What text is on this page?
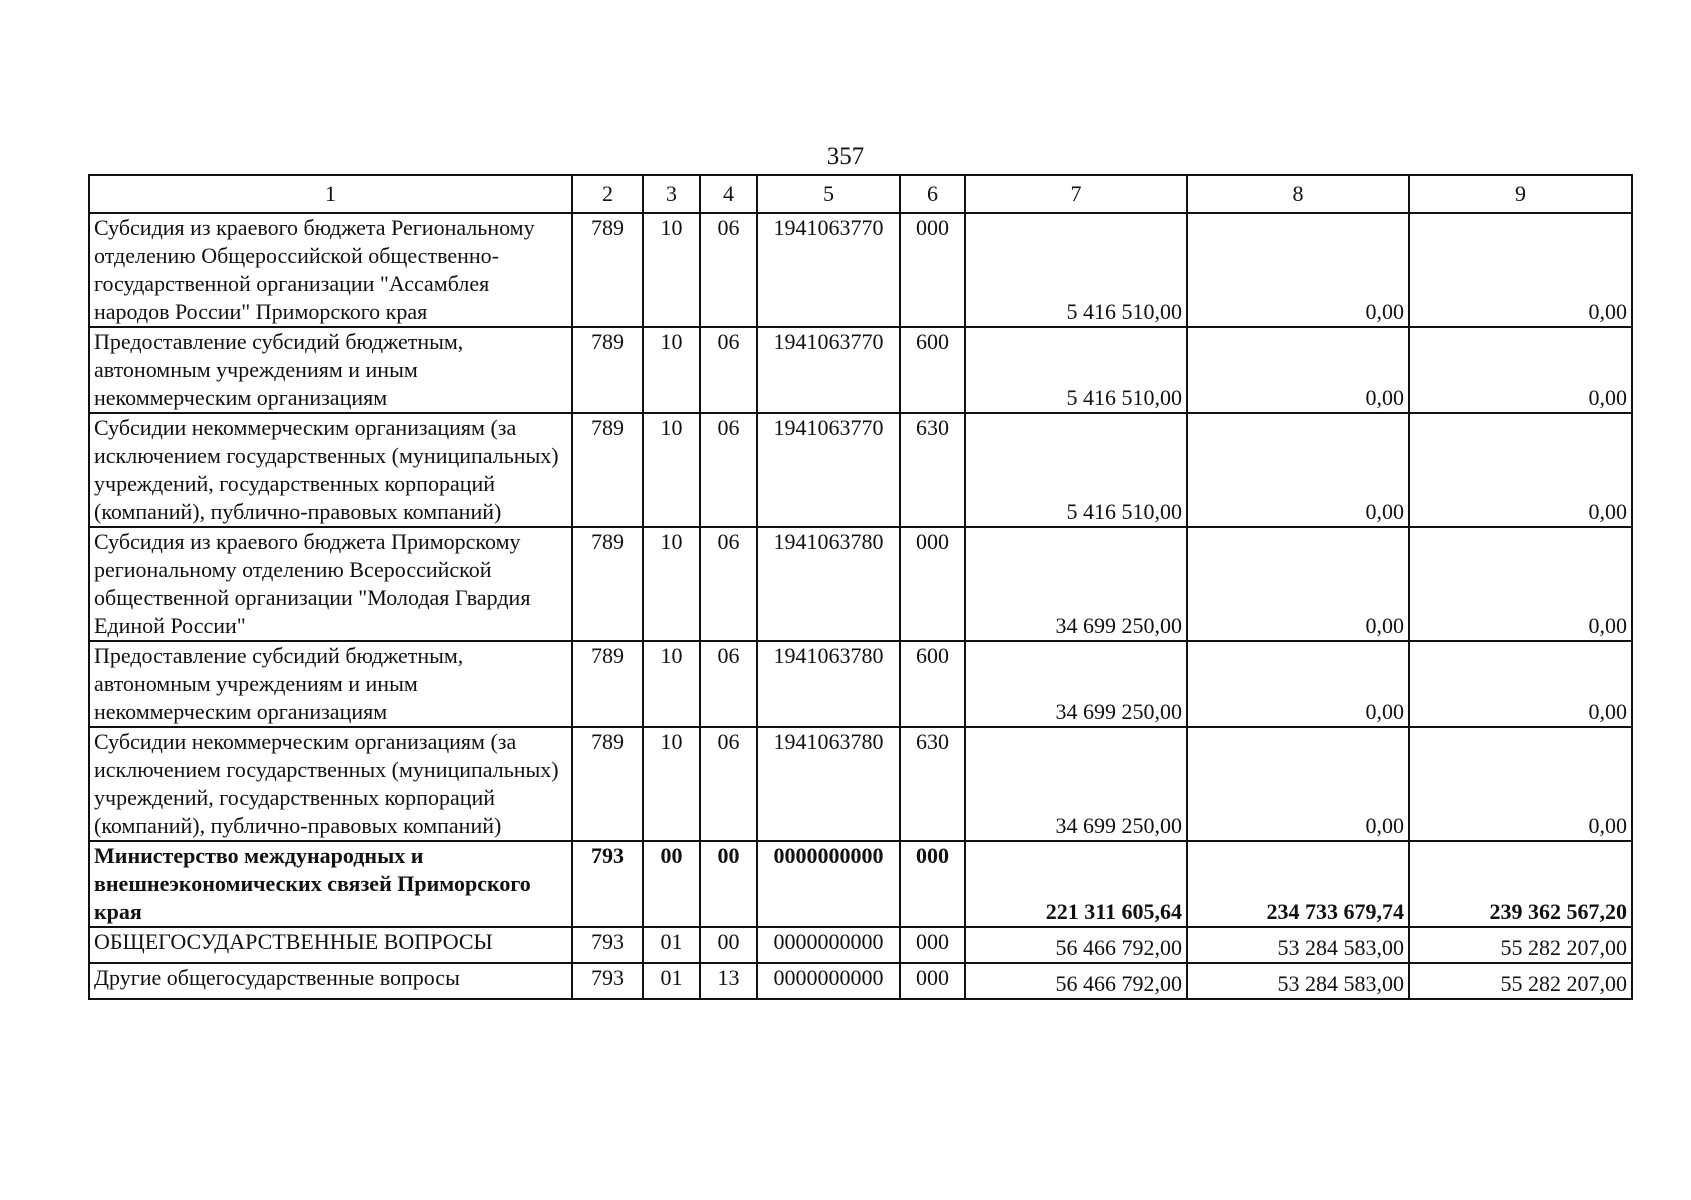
357
1	2	3	4	5	6	7	8	9
Субсидия из краевого бюджета Региональному отделению Общероссийской общественно-государственной организации "Ассамблея народов России" Приморского края	789	10	06	1941063770	000	5 416 510,00	0,00	0,00
Предоставление субсидий бюджетным, автономным учреждениям и иным некоммерческим организациям	789	10	06	1941063770	600	5 416 510,00	0,00	0,00
Субсидии некоммерческим организациям (за исключением государственных (муниципальных) учреждений, государственных корпораций (компаний), публично-правовых компаний)	789	10	06	1941063770	630	5 416 510,00	0,00	0,00
Субсидия из краевого бюджета Приморскому региональному отделению Всероссийской общественной организации "Молодая Гвардия Единой России"	789	10	06	1941063780	000	34 699 250,00	0,00	0,00
Предоставление субсидий бюджетным, автономным учреждениям и иным некоммерческим организациям	789	10	06	1941063780	600	34 699 250,00	0,00	0,00
Субсидии некоммерческим организациям (за исключением государственных (муниципальных) учреждений, государственных корпораций (компаний), публично-правовых компаний)	789	10	06	1941063780	630	34 699 250,00	0,00	0,00
Министерство международных и внешнеэкономических связей Приморского края	793	00	00	0000000000	000	221 311 605,64	234 733 679,74	239 362 567,20
ОБЩЕГОСУДАРСТВЕННЫЕ ВОПРОСЫ	793	01	00	0000000000	000	56 466 792,00	53 284 583,00	55 282 207,00
Другие общегосударственные вопросы	793	01	13	0000000000	000	56 466 792,00	53 284 583,00	55 282 207,00
